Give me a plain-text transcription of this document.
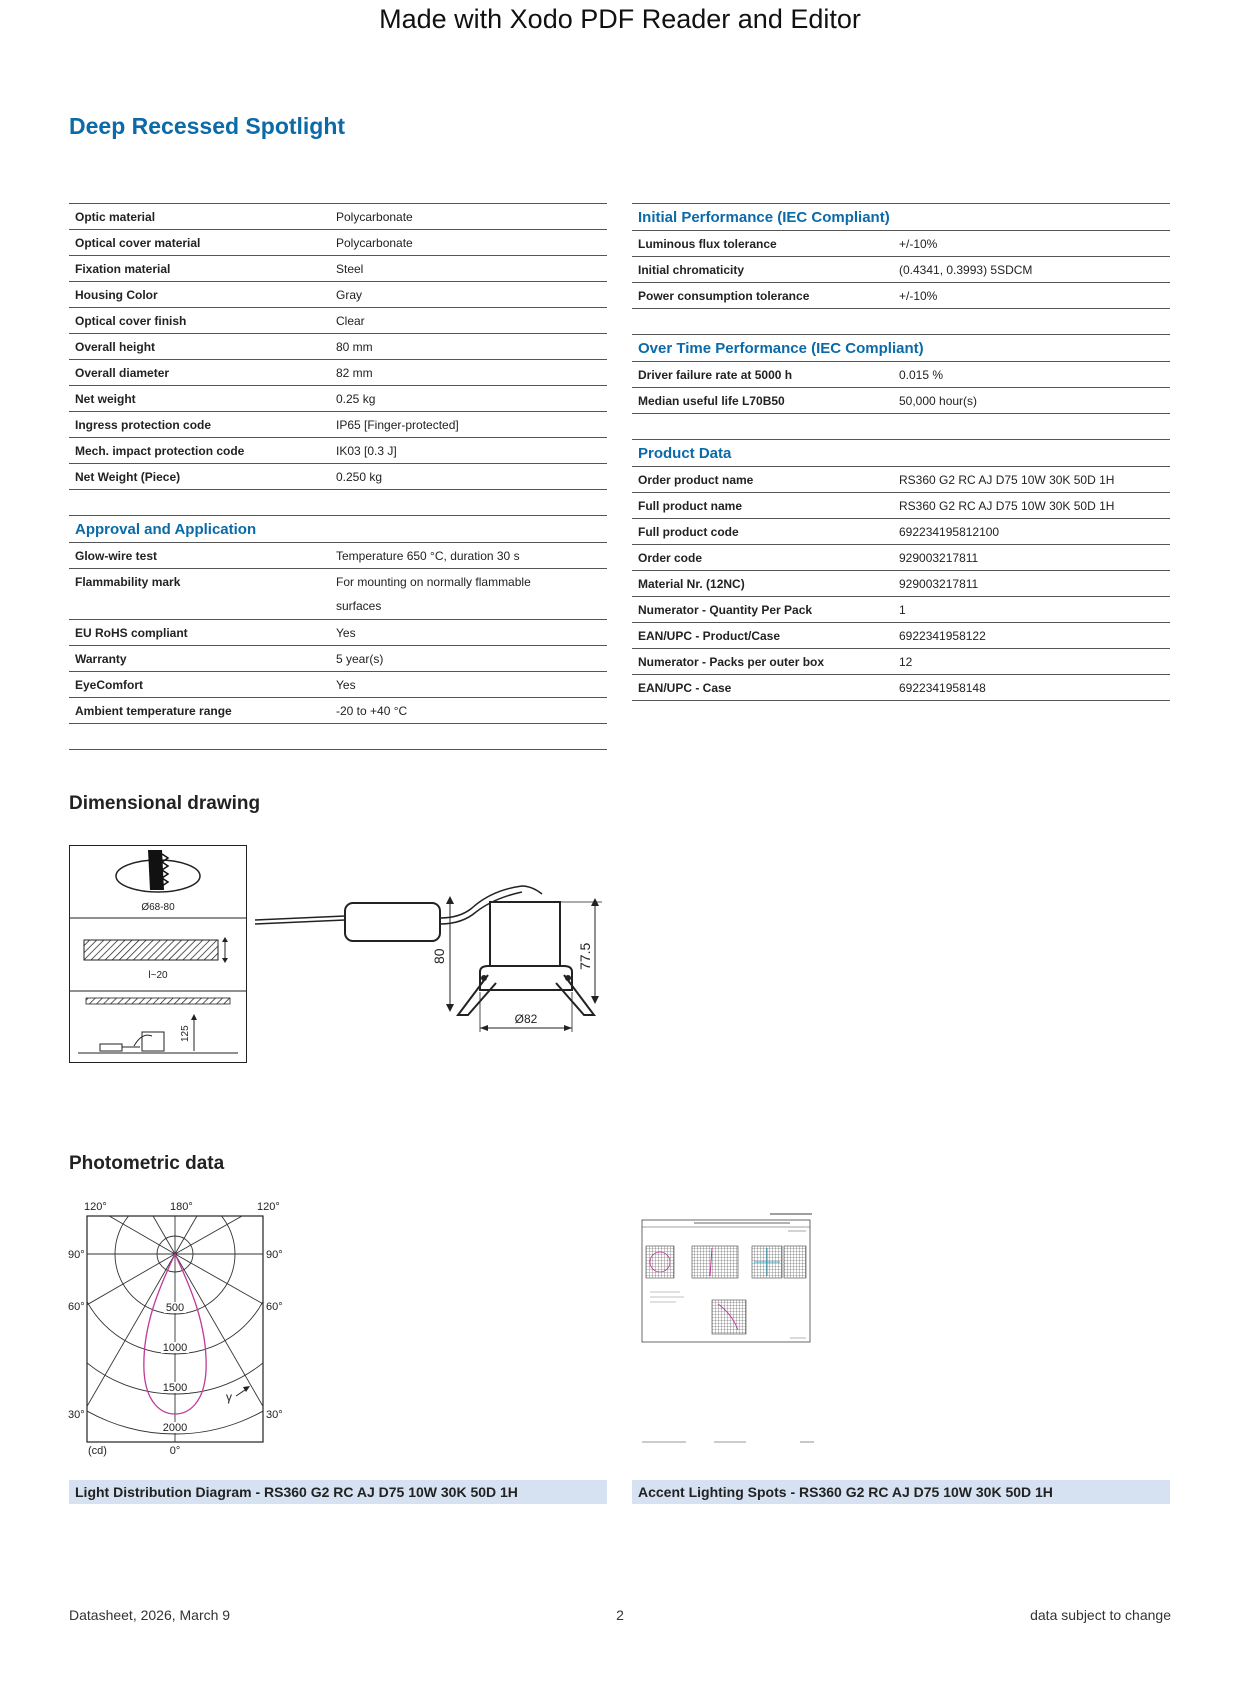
Made with Xodo PDF Reader and Editor
Deep Recessed Spotlight
Optic material	Polycarbonate
Optical cover material	Polycarbonate
Fixation material	Steel
Housing Color	Gray
Optical cover finish	Clear
Overall height	80 mm
Overall diameter	82 mm
Net weight	0.25 kg
Ingress protection code	IP65 [Finger-protected]
Mech. impact protection code	IK03 [0.3 J]
Net Weight (Piece)	0.250 kg
Approval and Application
Glow-wire test	Temperature 650 °C, duration 30 s
Flammability mark	For mounting on normally flammable
surfaces
EU RoHS compliant	Yes
Warranty	5 year(s)
EyeComfort	Yes
Ambient temperature range	-20 to +40 °C
Initial Performance (IEC Compliant)
Luminous flux tolerance	+/-10%
Initial chromaticity	(0.4341, 0.3993) 5SDCM
Power consumption tolerance	+/-10%
Over Time Performance (IEC Compliant)
Driver failure rate at 5000 h	0.015 %
Median useful life L70B50	50,000 hour(s)
Product Data
Order product name	RS360 G2 RC AJ D75 10W 30K 50D 1H
Full product name	RS360 G2 RC AJ D75 10W 30K 50D 1H
Full product code	692234195812100
Order code	929003217811
Material Nr. (12NC)	929003217811
Numerator - Quantity Per Pack	1
EAN/UPC - Product/Case	6922341958122
Numerator - Packs per outer box	12
EAN/UPC - Case	6922341958148
Dimensional drawing
Ø68-80
l~20
125
80	77.5
Ø82
Photometric data
500
1000
1500
2000
γ
120°	180°	120°
90°	90°
60°	60°
30°	30°
(cd)	0°
Light Distribution Diagram - RS360 G2 RC AJ D75 10W 30K 50D 1H	Accent Lighting Spots - RS360 G2 RC AJ D75 10W 30K 50D 1H
Datasheet, 2026, March 9	2	data subject to change
